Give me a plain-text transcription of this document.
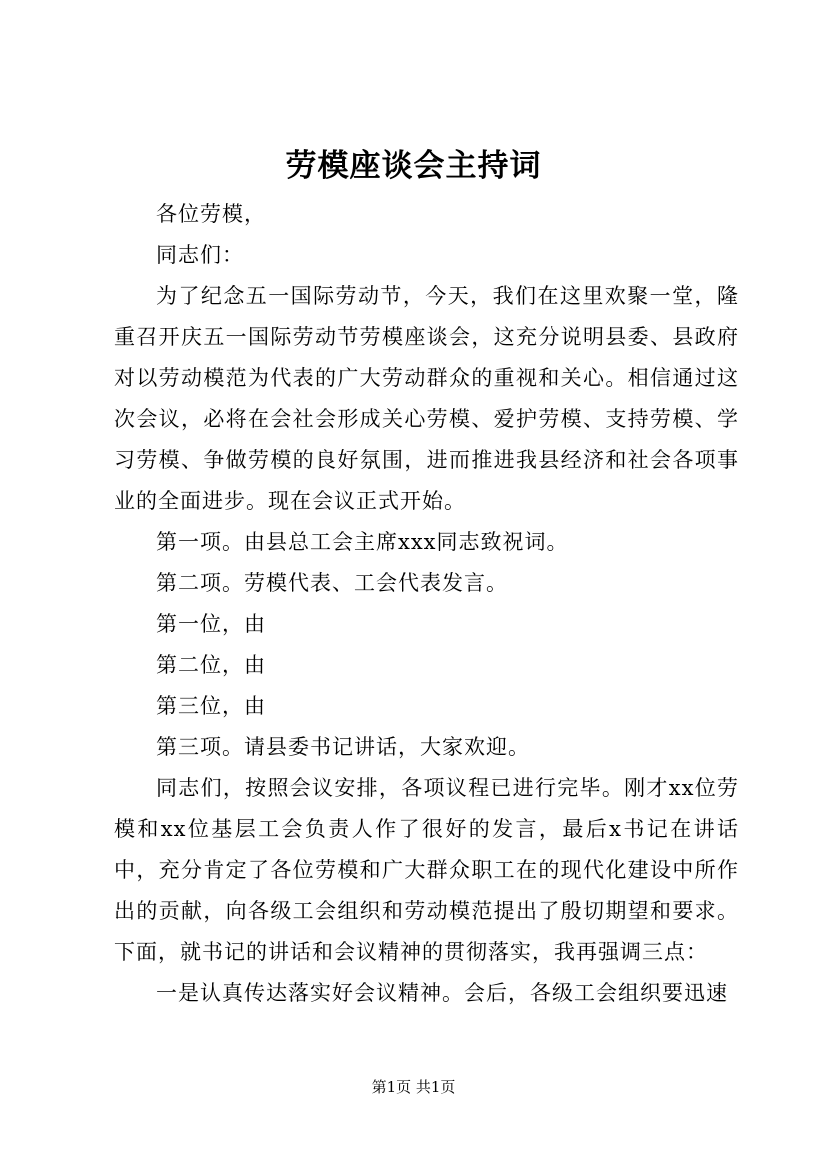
劳模座谈会主持词

各位劳模，

同志们：

为了纪念五一国际劳动节，今天，我们在这里欢聚一堂，隆重召开庆五一国际劳动节劳模座谈会，这充分说明县委、县政府对以劳动模范为代表的广大劳动群众的重视和关心。相信通过这次会议，必将在会社会形成关心劳模、爱护劳模、支持劳模、学习劳模、争做劳模的良好氛围，进而推进我县经济和社会各项事业的全面进步。现在会议正式开始。

第一项。由县总工会主席xxx同志致祝词。

第二项。劳模代表、工会代表发言。

第一位，由

第二位，由

第三位，由

第三项。请县委书记讲话，大家欢迎。

同志们，按照会议安排，各项议程已进行完毕。刚才xx位劳模和xx位基层工会负责人作了很好的发言，最后x书记在讲话中，充分肯定了各位劳模和广大群众职工在的现代化建设中所作出的贡献，向各级工会组织和劳动模范提出了殷切期望和要求。下面，就书记的讲话和会议精神的贯彻落实，我再强调三点：

一是认真传达落实好会议精神。会后，各级工会组织要迅速

第1页 共1页
